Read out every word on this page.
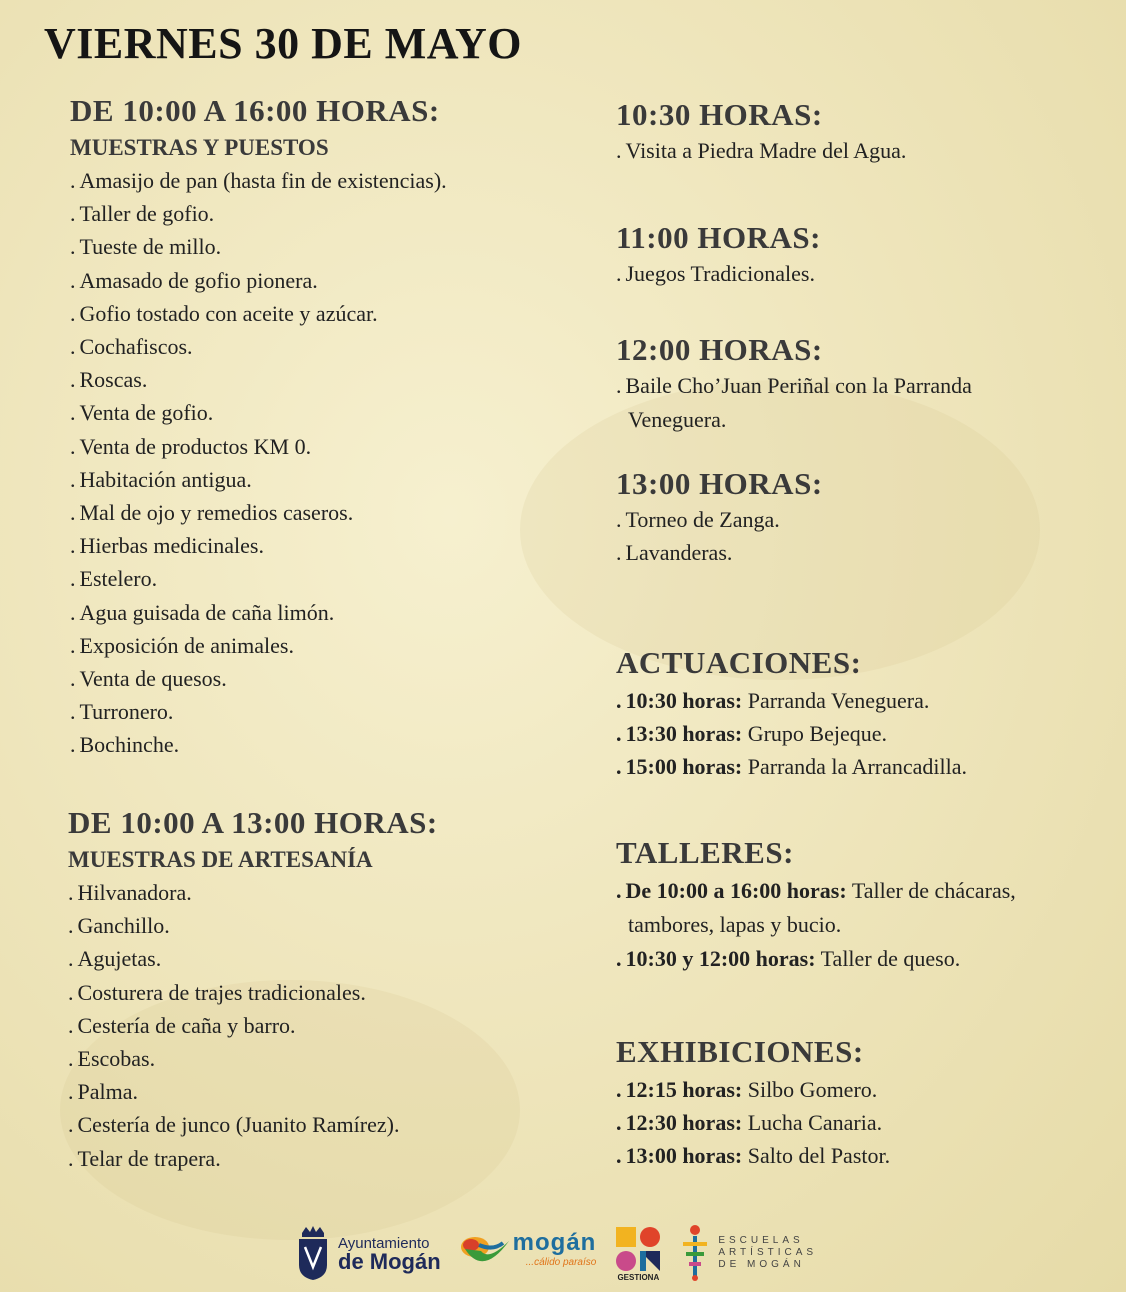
VIERNES 30 DE MAYO
DE 10:00 A 16:00 HORAS:
MUESTRAS Y PUESTOS
. Amasijo de pan (hasta fin de existencias).
. Taller de gofio.
. Tueste de millo.
. Amasado de gofio pionera.
. Gofio tostado con aceite y azúcar.
. Cochafiscos.
. Roscas.
. Venta de gofio.
. Venta de productos KM 0.
. Habitación antigua.
. Mal de ojo y remedios caseros.
. Hierbas medicinales.
. Estelero.
. Agua guisada de caña limón.
. Exposición de animales.
. Venta de quesos.
. Turronero.
. Bochinche.
DE 10:00 A 13:00 HORAS:
MUESTRAS DE ARTESANÍA
. Hilvanadora.
. Ganchillo.
. Agujetas.
. Costurera de trajes tradicionales.
. Cestería de caña y barro.
. Escobas.
. Palma.
. Cestería de junco (Juanito Ramírez).
. Telar de trapera.
10:30 HORAS:
. Visita a Piedra Madre del Agua.
11:00 HORAS:
. Juegos Tradicionales.
12:00 HORAS:
. Baile Cho’Juan Periñal con la Parranda Veneguera.
13:00 HORAS:
. Torneo de Zanga.
. Lavanderas.
ACTUACIONES:
. 10:30 horas: Parranda Veneguera.
. 13:30 horas: Grupo Bejeque.
. 15:00 horas: Parranda la Arrancadilla.
TALLERES:
. De 10:00 a 16:00 horas: Taller de chácaras, tambores, lapas y bucio.
. 10:30 y 12:00 horas: Taller de queso.
EXHIBICIONES:
. 12:15 horas: Silbo Gomero.
. 12:30 horas: Lucha Canaria.
. 13:00 horas: Salto del Pastor.
Ayuntamiento
de Mogán
mogán
...cálido paraíso
GESTIONA
ESCUELAS
ARTÍSTICAS
DE MOGÁN
